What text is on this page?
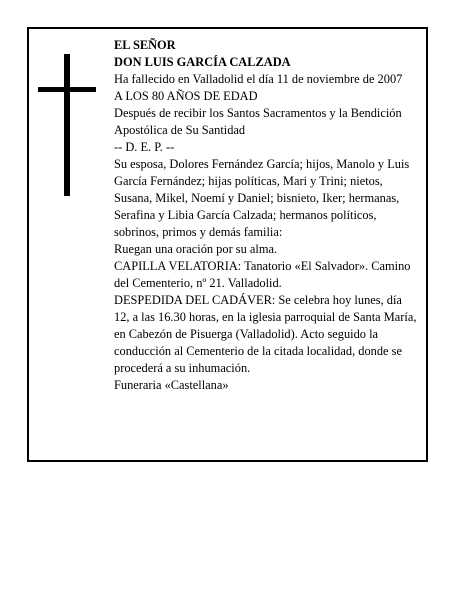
EL SEÑOR

DON LUIS GARCÍA CALZADA

Ha fallecido en Valladolid el día 11 de noviembre de 2007

A LOS 80 AÑOS DE EDAD

Después de recibir los Santos Sacramentos y la Bendición Apostólica de Su Santidad

-- D. E. P. --

Su esposa, Dolores Fernández García; hijos, Manolo y Luis García Fernández; hijas políticas, Mari y Trini; nietos, Susana, Mikel, Noemí y Daniel; bisnieto, Iker; hermanas, Serafina y Libia García Calzada; hermanos políticos, sobrinos, primos y demás familia:

Ruegan una oración por su alma.

CAPILLA VELATORIA: Tanatorio «El Salvador». Camino del Cementerio, nº 21. Valladolid.

DESPEDIDA DEL CADÁVER: Se celebra hoy lunes, día 12, a las 16.30 horas, en la iglesia parroquial de Santa María, en Cabezón de Pisuerga (Valladolid). Acto seguido la conducción al Cementerio de la citada localidad, donde se procederá a su inhumación.

Funeraria «Castellana»
